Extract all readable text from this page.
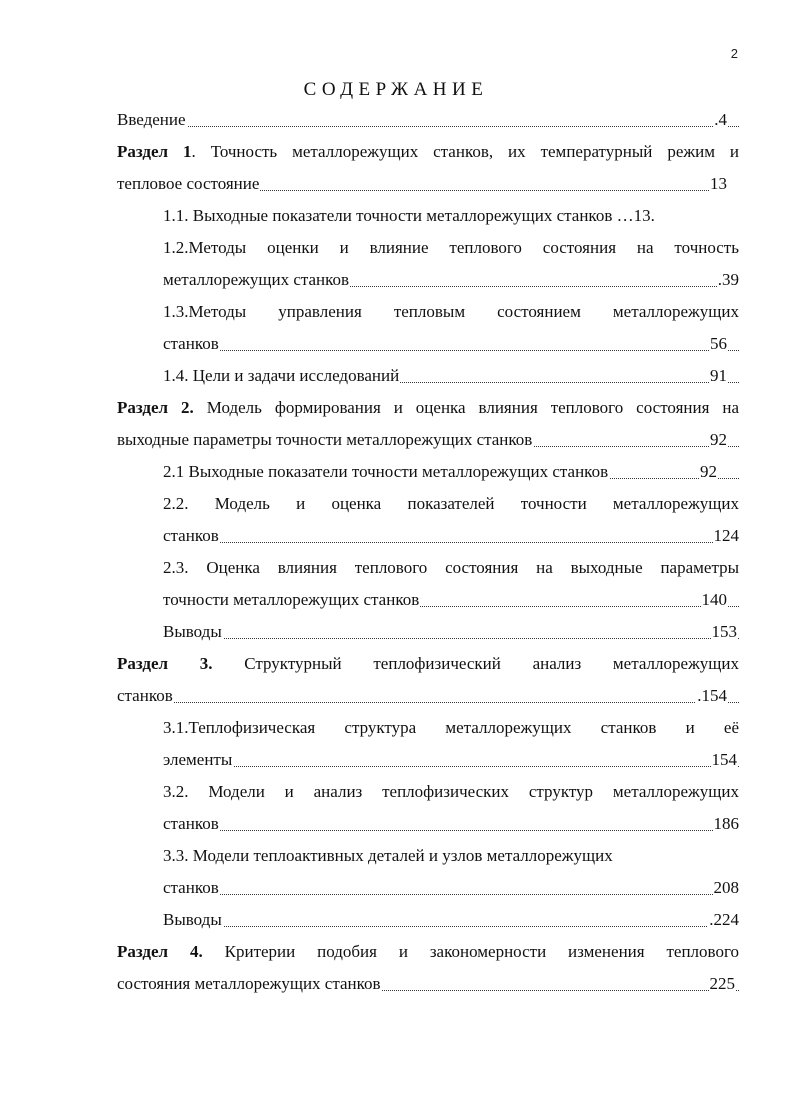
2
СОДЕРЖАНИЕ
Введение	.4
Раздел 1. Точность металлорежущих станков, их температурный режим и
тепловое состояние	13
1.1. Выходные показатели точности металлорежущих станков …13.
1.2.Методы оценки и влияние теплового состояния на точность
металлорежущих станков	.39
1.3.Методы управления тепловым состоянием металлорежущих
станков	56
1.4. Цели и задачи исследований	91
Раздел 2. Модель формирования и оценка влияния теплового состояния на
выходные параметры точности металлорежущих станков	92
2.1 Выходные показатели точности металлорежущих станков	92
2.2. Модель и оценка показателей точности металлорежущих
станков	124
2.3. Оценка влияния теплового состояния на выходные параметры
точности металлорежущих станков	140
Выводы	153
Раздел 3. Структурный теплофизический анализ металлорежущих
станков	.154
3.1.Теплофизическая структура металлорежущих станков и её
элементы	154
3.2. Модели и анализ теплофизических структур металлорежущих
станков	186
3.3. Модели теплоактивных деталей и узлов металлорежущих
станков	208
Выводы	.224
Раздел 4. Критерии подобия и закономерности изменения теплового
состояния металлорежущих станков	225
